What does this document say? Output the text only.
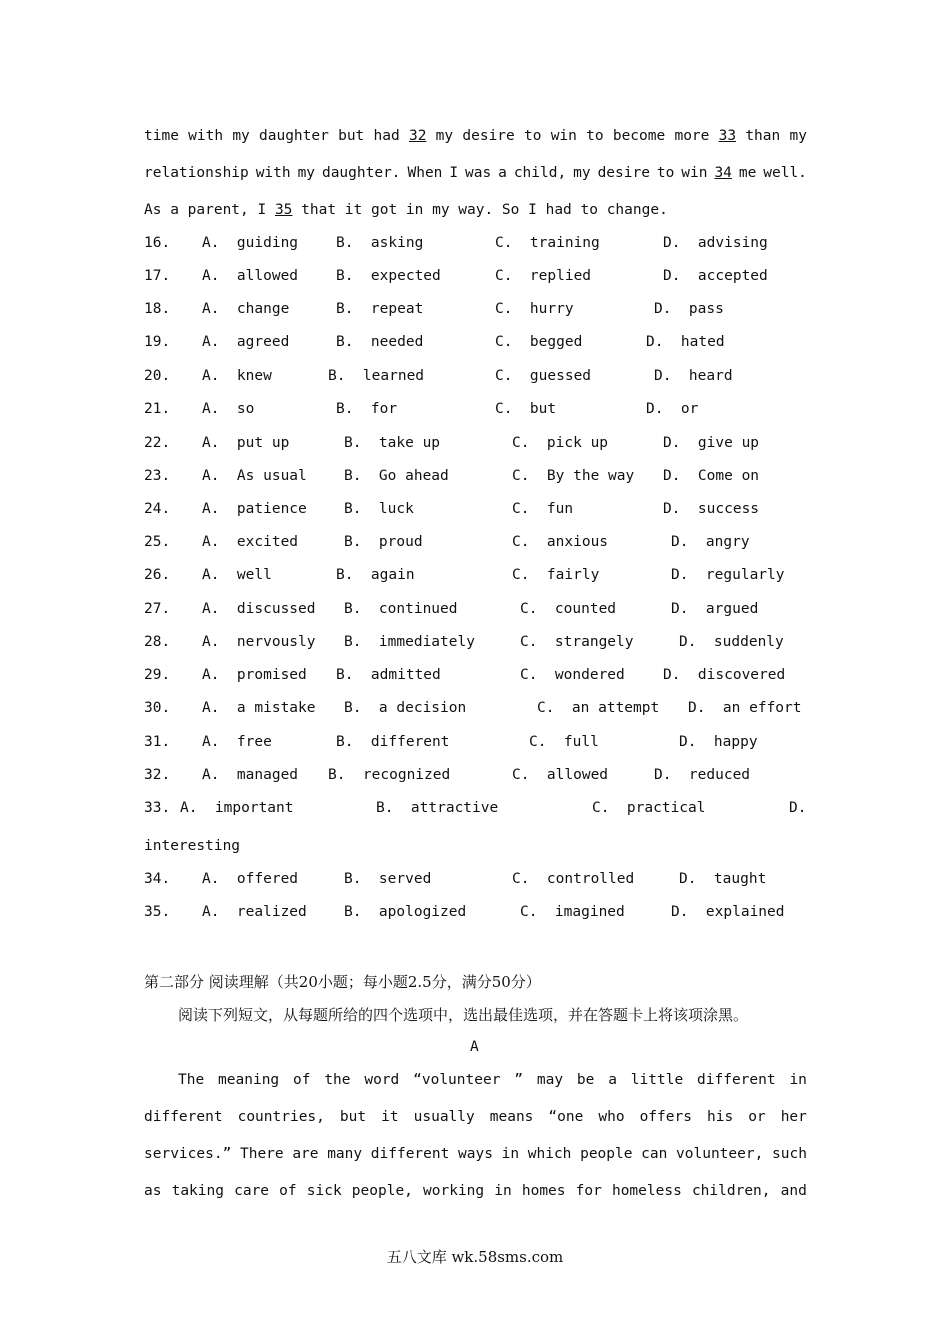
time with my daughter but had 32 my desire to win to become more 33 than my
relationship with my daughter. When I was a child, my desire to win 34 me well.
As a parent, I 35 that it got in my way. So I had to change.
16. A.  guiding	B.  asking	C.  training	D.  advising
17. A.  allowed	B.  expected	C.  replied	D.  accepted
18. A.  change	B.  repeat	C.  hurry	D.  pass
19. A.  agreed	B.  needed	C.  begged	D.  hated
20. A.  knew	B.  learned	C.  guessed	D.  heard
21. A.  so	B.  for	C.  but	D.  or
22. A.  put up	B.  take up	C.  pick up	D.  give up
23. A.  As usual	B.  Go ahead	C.  By the way D.  Come on
24. A.  patience	B.  luck	C.  fun	D.  success
25. A.  excited	B.  proud	C.  anxious	D.  angry
26. A.  well	B.  again	C.  fairly	D.  regularly
27. A.  discussed B.  continued	C.  counted	D.  argued
28. A.  nervously B.  immediately	C.  strangely	D.  suddenly
29. A.  promised B.  admitted	C.  wondered	D.  discovered
30. A.  a mistake B.  a decision	C.  an attempt D.  an effort
31. A.  free	B.  different	C.  full	D.  happy
32. A.  managed B.  recognized	C.  allowed	D.  reduced
33. A.  important	B.  attractive	C.  practical	D.
interesting
34. A.  offered	B.  served	C.  controlled	D.  taught
35. A.  realized	B.  apologized	C.  imagined	D.  explained
第二部分 阅读理解（共20小题；每小题2.5分，满分50分）
阅读下列短文，从每题所给的四个选项中，选出最佳选项，并在答题卡上将该项涂黑。
A
The meaning of the word “volunteer ” may be a little different in
different countries, but it usually means “one who offers his or her
services.” There are many different ways in which people can volunteer, such
as taking care of sick people, working in homes for homeless children, and
五八文库 wk.58sms.com
